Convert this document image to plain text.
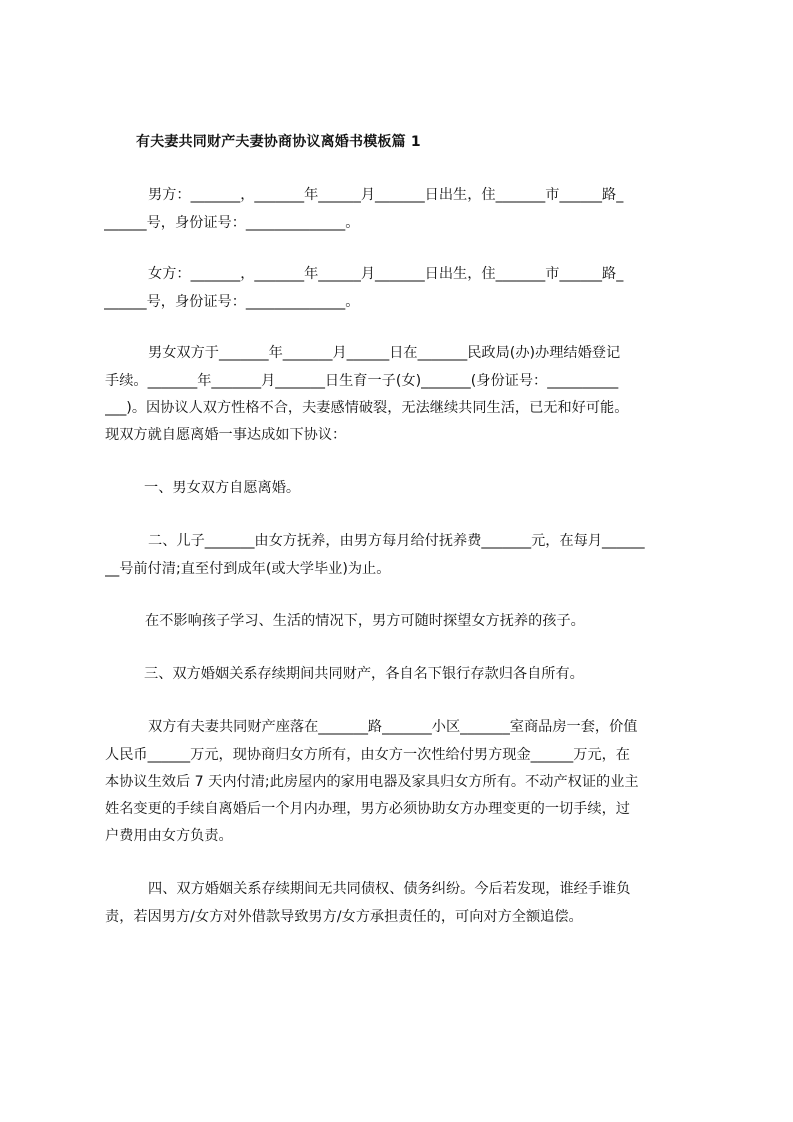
有夫妻共同财产夫妻协商协议离婚书模板篇 1
男方：_______，_______年______月_______日出生，住_______市______路_
______号，身份证号：______________。
女方：_______，_______年______月_______日出生，住_______市______路_
______号，身份证号：______________。
男女双方于_______年_______月______日在_______民政局(办)办理结婚登记
手续。_______年_______月_______日生育一子(女)_______(身份证号：__________
___)。因协议人双方性格不合，夫妻感情破裂，无法继续共同生活，已无和好可能。
现双方就自愿离婚一事达成如下协议：
一、男女双方自愿离婚。
二、儿子_______由女方抚养，由男方每月给付抚养费_______元，在每月______
__号前付清;直至付到成年(或大学毕业)为止。
在不影响孩子学习、生活的情况下，男方可随时探望女方抚养的孩子。
三、双方婚姻关系存续期间共同财产，各自名下银行存款归各自所有。
双方有夫妻共同财产座落在_______路_______小区_______室商品房一套，价值
人民币______万元，现协商归女方所有，由女方一次性给付男方现金______万元，在
本协议生效后 7 天内付清;此房屋内的家用电器及家具归女方所有。不动产权证的业主
姓名变更的手续自离婚后一个月内办理，男方必须协助女方办理变更的一切手续，过
户费用由女方负责。
四、双方婚姻关系存续期间无共同债权、债务纠纷。今后若发现，谁经手谁负
责，若因男方/女方对外借款导致男方/女方承担责任的，可向对方全额追偿。
